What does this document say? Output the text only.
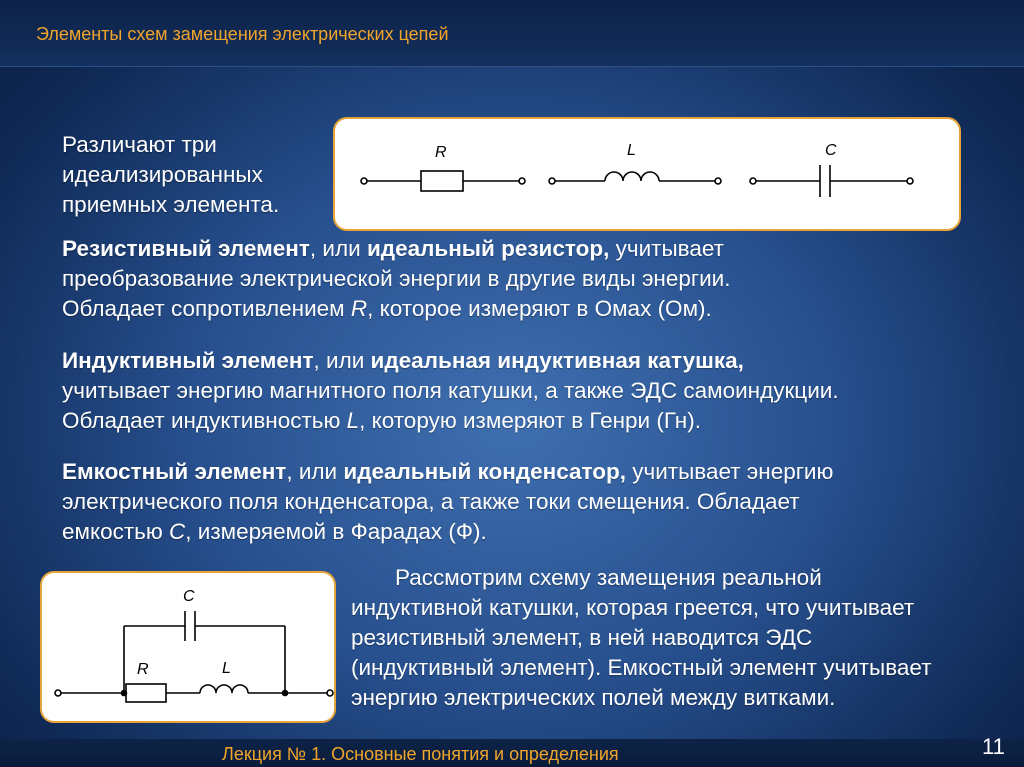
Элементы схем замещения электрических цепей
Различают три
идеализированных
приемных элемента.
R	L	C
Резистивный элемент, или идеальный резистор, учитывает
преобразование электрической энергии в другие виды энергии.
Обладает сопротивлением R, которое измеряют в Омах (Ом).
Индуктивный элемент, или идеальная индуктивная катушка,
учитывает энергию магнитного поля катушки, а также ЭДС самоиндукции.
Обладает индуктивностью L, которую измеряют в Генри (Гн).
Емкостный элемент, или идеальный конденсатор, учитывает энергию
электрического поля конденсатора, а также токи смещения. Обладает
емкостью C, измеряемой в Фарадах (Ф).
C
R	L
Рассмотрим схему замещения реальной
индуктивной катушки, которая греется, что учитывает
резистивный элемент, в ней наводится ЭДС
(индуктивный элемент). Емкостный элемент учитывает
энергию электрических полей между витками.
Лекция № 1. Основные понятия и определения	11
